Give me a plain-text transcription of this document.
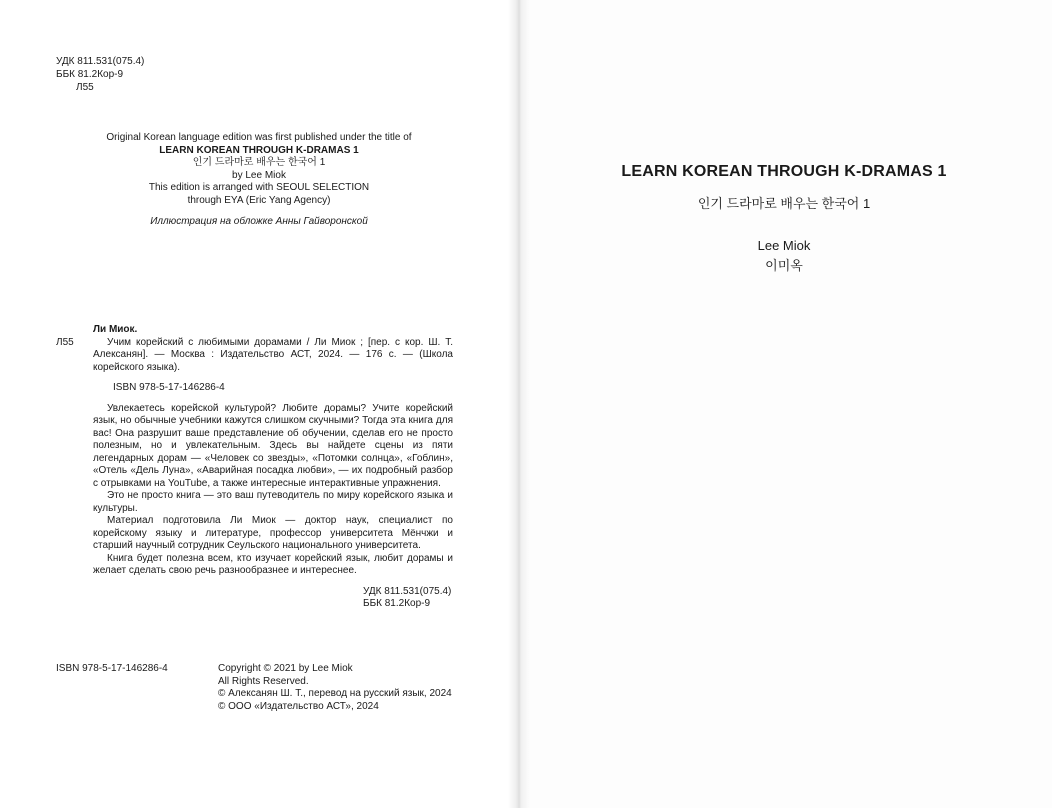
УДК 811.531(075.4)
ББК 81.2Кор-9
Л55
Original Korean language edition was first published under the title of
LEARN KOREAN THROUGH K-DRAMAS 1
인기 드라마로 배우는 한국어 1
by Lee Miok
This edition is arranged with SEOUL SELECTION
through EYA (Eric Yang Agency)
Иллюстрация на обложке Анны Гайворонской
Л55
Ли Миок.
Учим корейский с любимыми дорамами / Ли Миок ; [пер. с кор. Ш. Т. Алексанян]. — Москва : Издательство АСТ, 2024. — 176 с. — (Школа корейского языка).
ISBN 978-5-17-146286-4
Увлекаетесь корейской культурой? Любите дорамы? Учите корейский язык, но обычные учебники кажутся слишком скучными? Тогда эта книга для вас! Она разрушит ваше представление об обучении, сделав его не просто полезным, но и увлекательным. Здесь вы найдете сцены из пяти легендарных дорам — «Человек со звезды», «Потомки солнца», «Гоблин», «Отель «Дель Луна», «Аварийная посадка любви», — их подробный разбор с отрывками на YouTube, а также интересные интерактивные упражнения.
Это не просто книга — это ваш путеводитель по миру корейского языка и культуры.
Материал подготовила Ли Миок — доктор наук, специалист по корейскому языку и литературе, профессор университета Мёнчжи и старший научный сотрудник Сеульского национального университета.
Книга будет полезна всем, кто изучает корейский язык, любит дорамы и желает сделать свою речь разнообразнее и интереснее.
УДК 811.531(075.4)
ББК 81.2Кор-9
ISBN 978-5-17-146286-4	Copyright © 2021 by Lee Miok
All Rights Reserved.
© Алексанян Ш. Т., перевод на русский язык, 2024
© ООО «Издательство АСТ», 2024
LEARN KOREAN THROUGH K-DRAMAS 1
인기 드라마로 배우는 한국어 1
Lee Miok
이미옥
